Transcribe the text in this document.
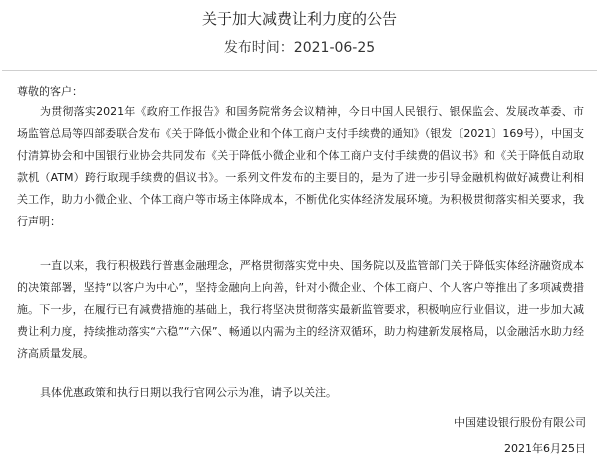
关于加大减费让利力度的公告
发布时间：2021-06-25
尊敬的客户：

为贯彻落实2021年《政府工作报告》和国务院常务会议精神，今日中国人民银行、银保监会、发展改革委、市场监管总局等四部委联合发布《关于降低小微企业和个体工商户支付手续费的通知》（银发〔2021〕169号），中国支付清算协会和中国银行业协会共同发布《关于降低小微企业和个体工商户支付手续费的倡议书》和《关于降低自动取款机（ATM）跨行取现手续费的倡议书》。一系列文件发布的主要目的，是为了进一步引导金融机构做好减费让利相关工作，助力小微企业、个体工商户等市场主体降成本，不断优化实体经济发展环境。为积极贯彻落实相关要求，我行声明：

一直以来，我行积极践行普惠金融理念，严格贯彻落实党中央、国务院以及监管部门关于降低实体经济融资成本的决策部署，坚持“以客户为中心”，坚持金融向上向善，针对小微企业、个体工商户、个人客户等推出了多项减费措施。下一步，在履行已有减费措施的基础上，我行将坚决贯彻落实最新监管要求，积极响应行业倡议，进一步加大减费让利力度，持续推动落实“六稳”“六保”、畅通以内需为主的经济双循环，助力构建新发展格局，以金融活水助力经济高质量发展。

具体优惠政策和执行日期以我行官网公示为准，请予以关注。

中国建设银行股份有限公司
2021年6月25日
